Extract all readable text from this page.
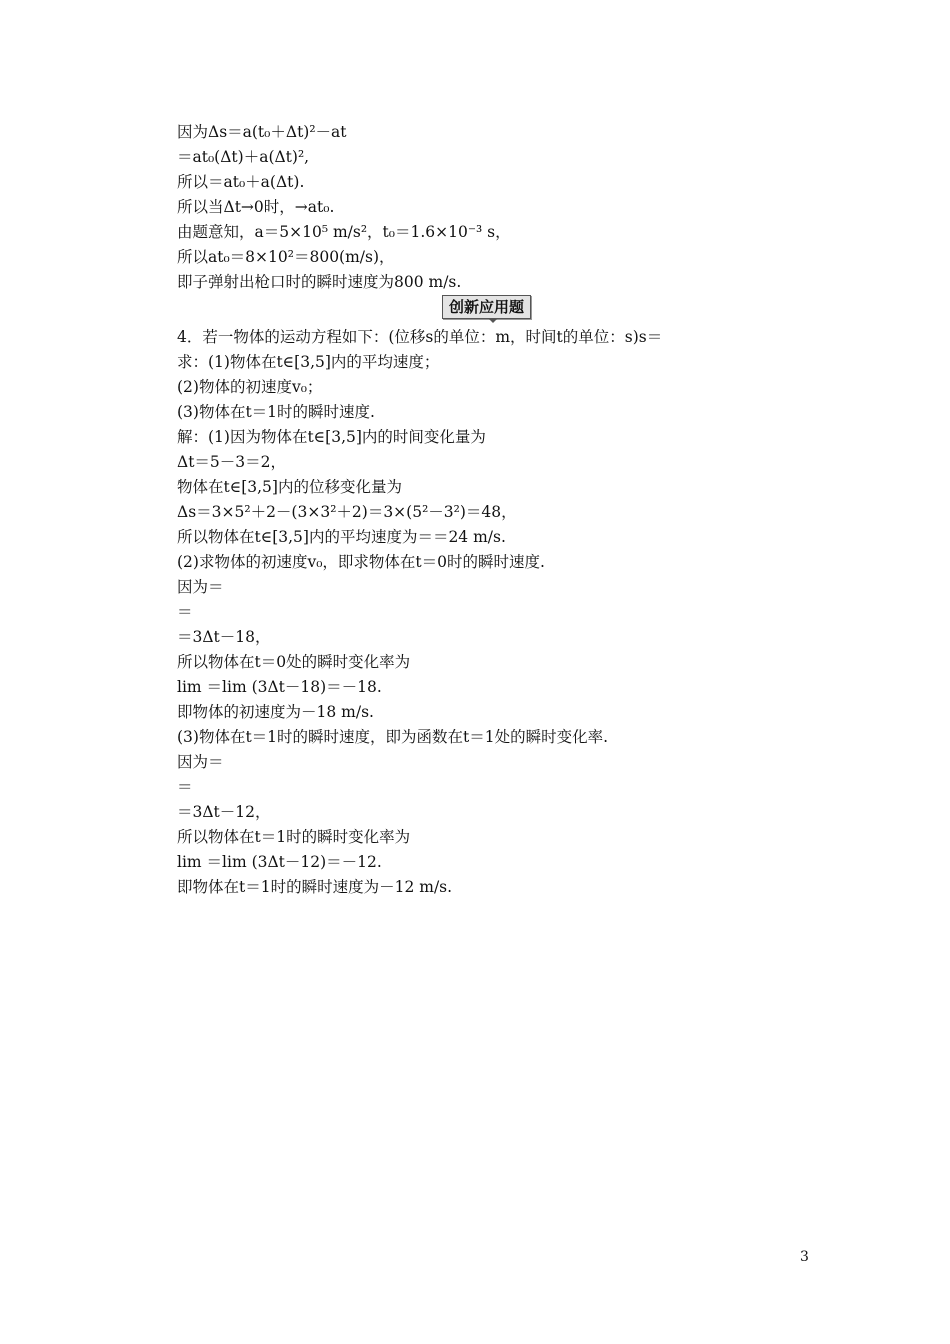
因为Δs＝a(t₀＋Δt)²－at
＝at₀(Δt)＋a(Δt)²,
所以＝at₀＋a(Δt).
所以当Δt→0时，→at₀.
由题意知，a＝5×10⁵ m/s²，t₀＝1.6×10⁻³ s，
所以at₀＝8×10²＝800(m/s)，
即子弹射出枪口时的瞬时速度为800 m/s.
创新应用题
4．若一物体的运动方程如下：(位移s的单位：m，时间t的单位：s)s＝
求：(1)物体在t∈[3,5]内的平均速度；
(2)物体的初速度v₀；
(3)物体在t＝1时的瞬时速度.
解：(1)因为物体在t∈[3,5]内的时间变化量为
Δt＝5－3＝2，
物体在t∈[3,5]内的位移变化量为
Δs＝3×5²＋2－(3×3²＋2)＝3×(5²－3²)＝48，
所以物体在t∈[3,5]内的平均速度为＝＝24 m/s.
(2)求物体的初速度v₀，即求物体在t＝0时的瞬时速度.
因为＝
＝
＝3Δt－18，
所以物体在t＝0处的瞬时变化率为
lim ＝lim (3Δt－18)＝－18.
即物体的初速度为－18 m/s.
(3)物体在t＝1时的瞬时速度，即为函数在t＝1处的瞬时变化率.
因为＝
＝
＝3Δt－12，
所以物体在t＝1时的瞬时变化率为
lim ＝lim (3Δt－12)＝－12.
即物体在t＝1时的瞬时速度为－12 m/s.
3
